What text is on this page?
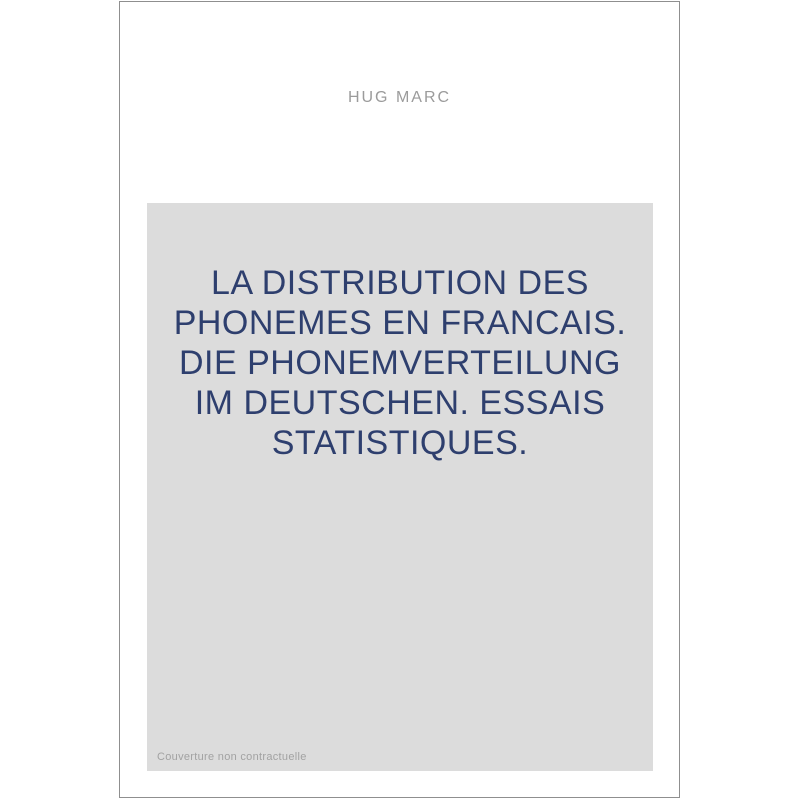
HUG MARC
LA DISTRIBUTION DES
PHONEMES EN FRANCAIS.
DIE PHONEMVERTEILUNG
IM DEUTSCHEN. ESSAIS
STATISTIQUES.
Couverture non contractuelle
